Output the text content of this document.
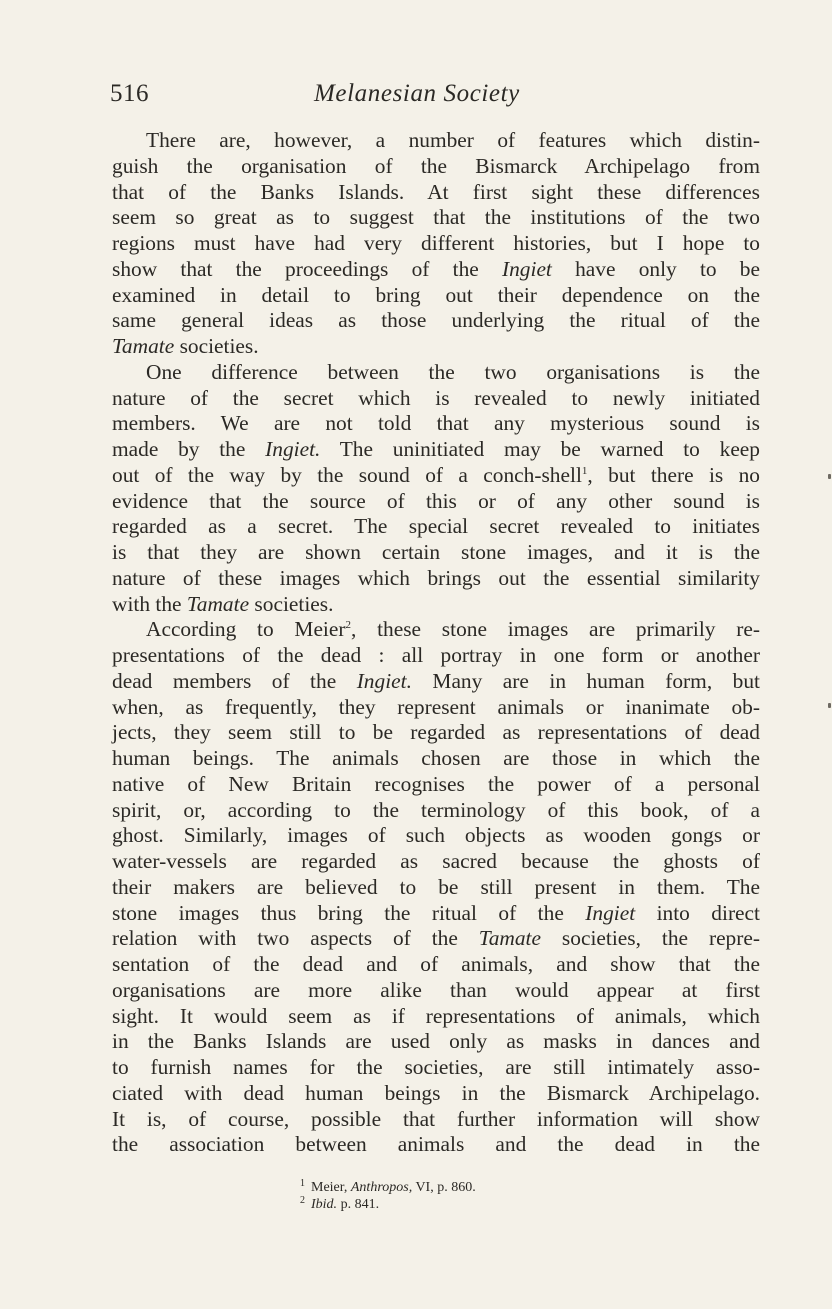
516	Melanesian Society
There are, however, a number of features which distin-
guish the organisation of the Bismarck Archipelago from
that of the Banks Islands. At first sight these differences
seem so great as to suggest that the institutions of the two
regions must have had very different histories, but I hope to
show that the proceedings of the Ingiet have only to be
examined in detail to bring out their dependence on the
same general ideas as those underlying the ritual of the
Tamate societies.
One difference between the two organisations is the
nature of the secret which is revealed to newly initiated
members. We are not told that any mysterious sound is
made by the Ingiet. The uninitiated may be warned to keep
out of the way by the sound of a conch-shell$^1$, but there is no
evidence that the source of this or of any other sound is
regarded as a secret. The special secret revealed to initiates
is that they are shown certain stone images, and it is the
nature of these images which brings out the essential similarity
with the Tamate societies.
According to Meier$^2$, these stone images are primarily re-
presentations of the dead : all portray in one form or another
dead members of the Ingiet. Many are in human form, but
when, as frequently, they represent animals or inanimate ob-
jects, they seem still to be regarded as representations of dead
human beings. The animals chosen are those in which the
native of New Britain recognises the power of a personal
spirit, or, according to the terminology of this book, of a
ghost. Similarly, images of such objects as wooden gongs or
water-vessels are regarded as sacred because the ghosts of
their makers are believed to be still present in them. The
stone images thus bring the ritual of the Ingiet into direct
relation with two aspects of the Tamate societies, the repre-
sentation of the dead and of animals, and show that the
organisations are more alike than would appear at first
sight. It would seem as if representations of animals, which
in the Banks Islands are used only as masks in dances and
to furnish names for the societies, are still intimately asso-
ciated with dead human beings in the Bismarck Archipelago.
It is, of course, possible that further information will show
the association between animals and the dead in the
$^1$ Meier, Anthropos, VI, p. 860.
$^2$ Ibid. p. 841.
